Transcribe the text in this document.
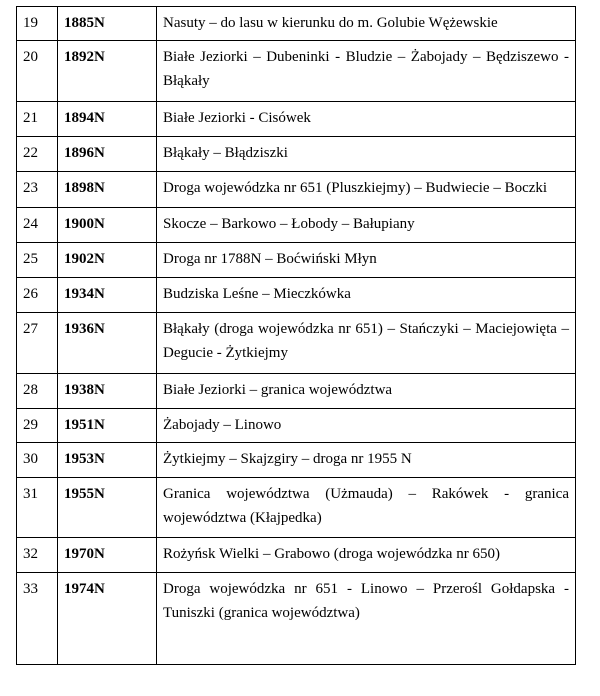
19	1885N	Nasuty – do lasu w kierunku do m. Golubie Wężewskie
20	1892N	Białe Jeziorki – Dubeninki - Bludzie – Żabojady – Będziszewo - Błąkały
21	1894N	Białe Jeziorki - Cisówek
22	1896N	Błąkały – Błądziszki
23	1898N	Droga wojewódzka nr 651 (Pluszkiejmy) – Budwiecie – Boczki
24	1900N	Skocze – Barkowo – Łobody – Bałupiany
25	1902N	Droga nr 1788N – Boćwiński Młyn
26	1934N	Budziska Leśne – Mieczkówka
27	1936N	Błąkały (droga wojewódzka nr 651) – Stańczyki – Maciejowięta – Degucie - Żytkiejmy
28	1938N	Białe Jeziorki – granica województwa
29	1951N	Żabojady – Linowo
30	1953N	Żytkiejmy – Skajzgiry – droga nr 1955 N
31	1955N	Granica województwa (Użmauda) – Rakówek - granica województwa (Kłajpedka)
32	1970N	Rożyńsk Wielki – Grabowo (droga wojewódzka nr 650)
33	1974N	Droga wojewódzka nr 651 - Linowo – Przerośl Gołdapska - Tuniszki (granica województwa)
